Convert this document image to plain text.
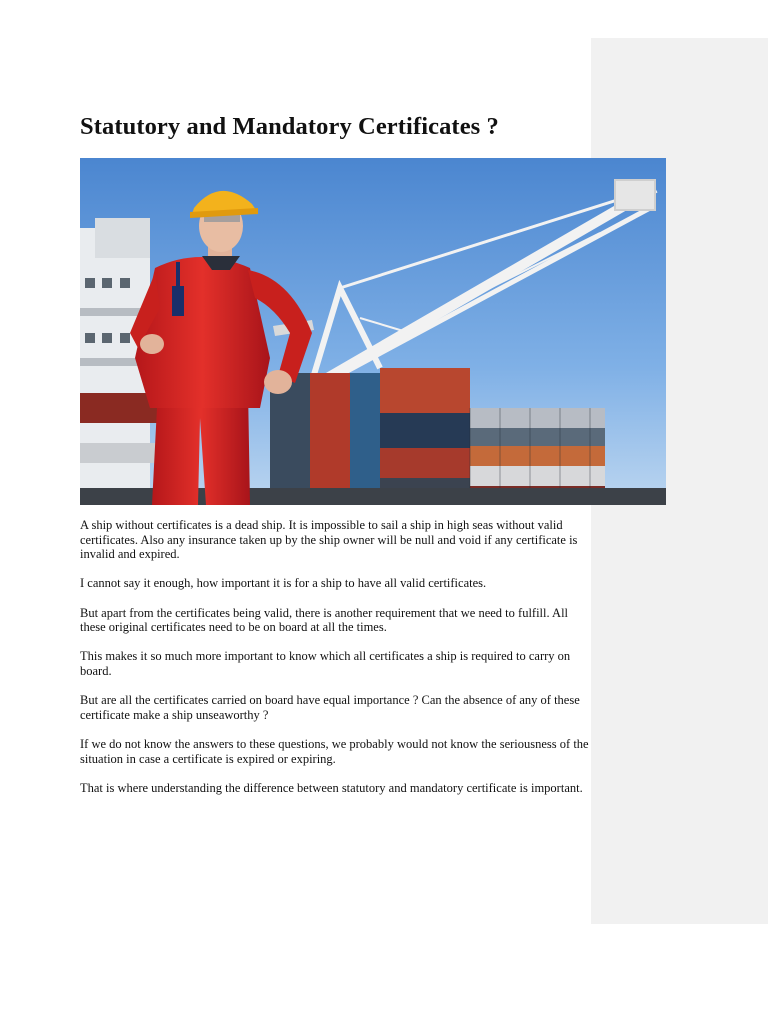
Statutory and Mandatory Certificates ?

A ship without certificates is a dead ship. It is impossible to sail a ship in high seas without valid certificates. Also any insurance taken up by the ship owner will be null and void if any certificate is invalid and expired.

I cannot say it enough, how important it is for a ship to have all valid certificates.

But apart from the certificates being valid, there is another requirement that we need to fulfill. All these original certificates need to be on board at all the times.

This makes it so much more important to know which all certificates a ship is required to carry on board.

But are all the certificates carried on board have equal importance ? Can the absence of any of these certificate make a ship unseaworthy ?

If we do not know the answers to these questions, we probably would not know the seriousness of the situation in case a certificate is expired or expiring.

That is where understanding the difference between statutory and mandatory certificate is important.
